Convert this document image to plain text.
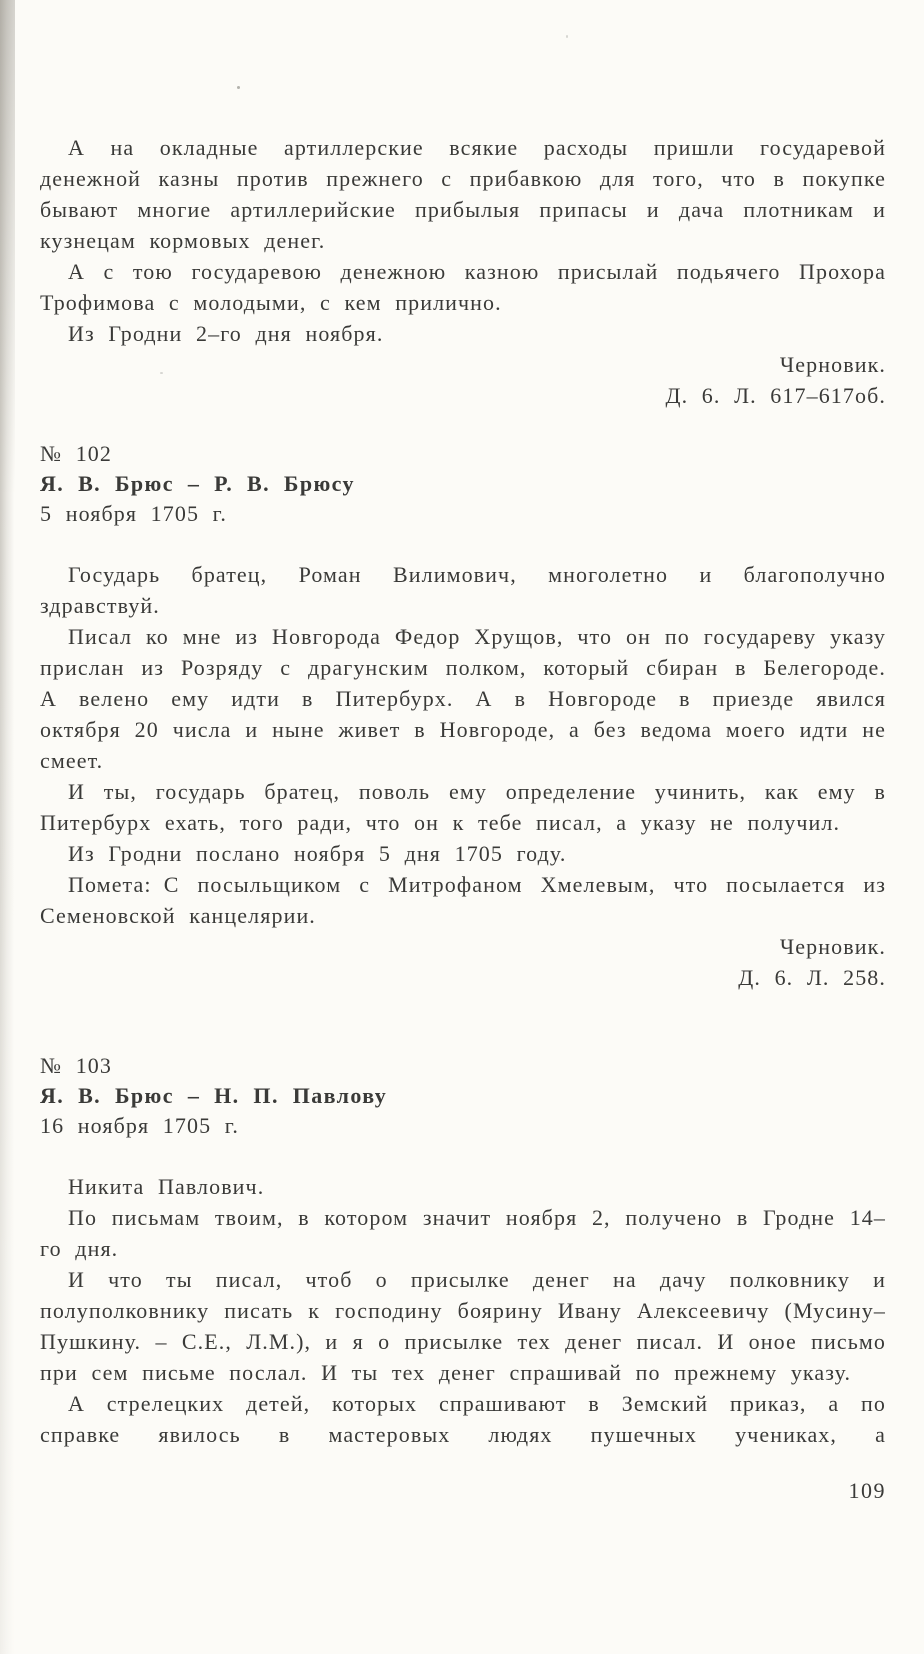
А на окладные артиллерские всякие расходы пришли государевой денежной казны против прежнего с прибавкою для того, что в покупке бывают многие артиллерийские прибылыя припасы и дача плотникам и кузнецам кормовых денег.

А с тою государевою денежною казною присылай подьячего Прохора Трофимова с молодыми, с кем прилично.

Из Гродни 2–го дня ноября.

Черновик.

Д. 6. Л. 617–617об.

№ 102

Я. В. Брюс – Р. В. Брюсу

5 ноября 1705 г.

Государь братец, Роман Вилимович, многолетно и благополучно здравствуй.

Писал ко мне из Новгорода Федор Хрущов, что он по государеву указу прислан из Розряду с драгунским полком, который сбиран в Белегороде. А велено ему идти в Питербурх. А в Новгороде в приезде явился октября 20 числа и ныне живет в Новгороде, а без ведома моего идти не смеет.

И ты, государь братец, поволь ему определение учинить, как ему в Питербурх ехать, того ради, что он к тебе писал, а указу не получил.

Из Гродни послано ноября 5 дня 1705 году.

Помета: С посыльщиком с Митрофаном Хмелевым, что посылается из Семеновской канцелярии.

Черновик.

Д. 6. Л. 258.

№ 103

Я. В. Брюс – Н. П. Павлову

16 ноября 1705 г.

Никита Павлович.

По письмам твоим, в котором значит ноября 2, получено в Гродне 14–го дня.

И что ты писал, чтоб о присылке денег на дачу полковнику и полуполковнику писать к господину боярину Ивану Алексеевичу (Мусину–Пушкину. – С.Е., Л.М.), и я о присылке тех денег писал. И оное письмо при сем письме послал. И ты тех денег спрашивай по прежнему указу.

А стрелецких детей, которых спрашивают в Земский приказ, а по справке явилось в мастеровых людях пушечных учениках, а

109
